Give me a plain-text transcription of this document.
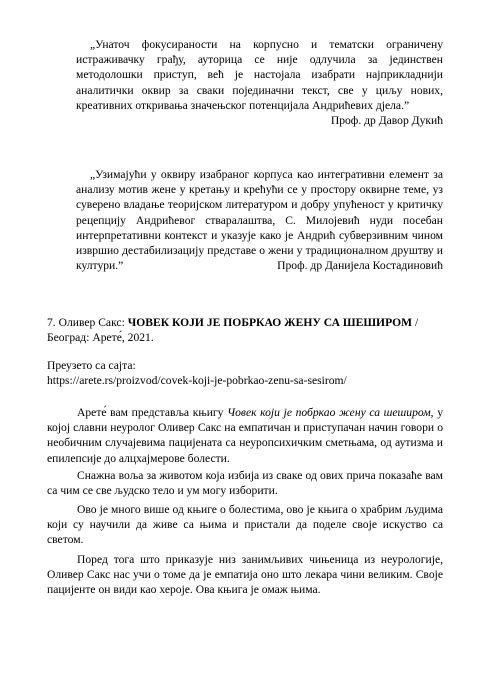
„Унаточ фокусираности на корпусно и тематски ограничену истраживачку грађу, ауторица се није одлучила за јединствен методолошки приступ, већ је настојала изабрати најприкладнији аналитички оквир за сваки појединачни текст, све у циљу нових, креативних откривања значењског потенцијала Андрићевих дјела.”

Проф. др Давор Дукић

„Узимајући у оквиру изабраног корпуса као интегративни елемент за анализу мотив жене у кретању и крећући се у простору оквирне теме, уз суверено владање теоријском литературом и добру упућеност у критичку рецепцију Андрићевог стваралаштва, С. Милојевић нуди посебан интерпретативни контекст и указује како је Андрић субверзивним чином извршио дестабилизацију представе о жени у традиционалном друштву и култури.”	Проф. др Данијела Костадиновић

7. Оливер Сакс: ЧОВЕК КОЈИ ЈЕ ПОБРКАО ЖЕНУ СА ШЕШИРОМ /
Београд: Арете́, 2021.

Преузето са сајта:
https://arete.rs/proizvod/covek-koji-je-pobrkao-zenu-sa-sesirom/

Арете́ вам представља књигу Човек који је побркао жену са шеширом, у којој славни неуролог Оливер Сакс на емпатичан и приступачан начин говори о необичним случајевима пацијената са неуропсихичким сметњама, од аутизма и епилепсије до алцхајмерове болести.

Снажна воља за животом која избија из сваке од ових прича показаће вам са чим се све људско тело и ум могу изборити.

Ово је много више од књиге о болестима, ово је књига о храбрим људима који су научили да живе са њима и пристали да поделе своје искуство са светом.

Поред тога што приказује низ занимљивих чињеница из неурологије, Оливер Сакс нас учи о томе да је емпатија оно што лекара чини великим. Своје пацијенте он види као хероје. Ова књига је омаж њима.
